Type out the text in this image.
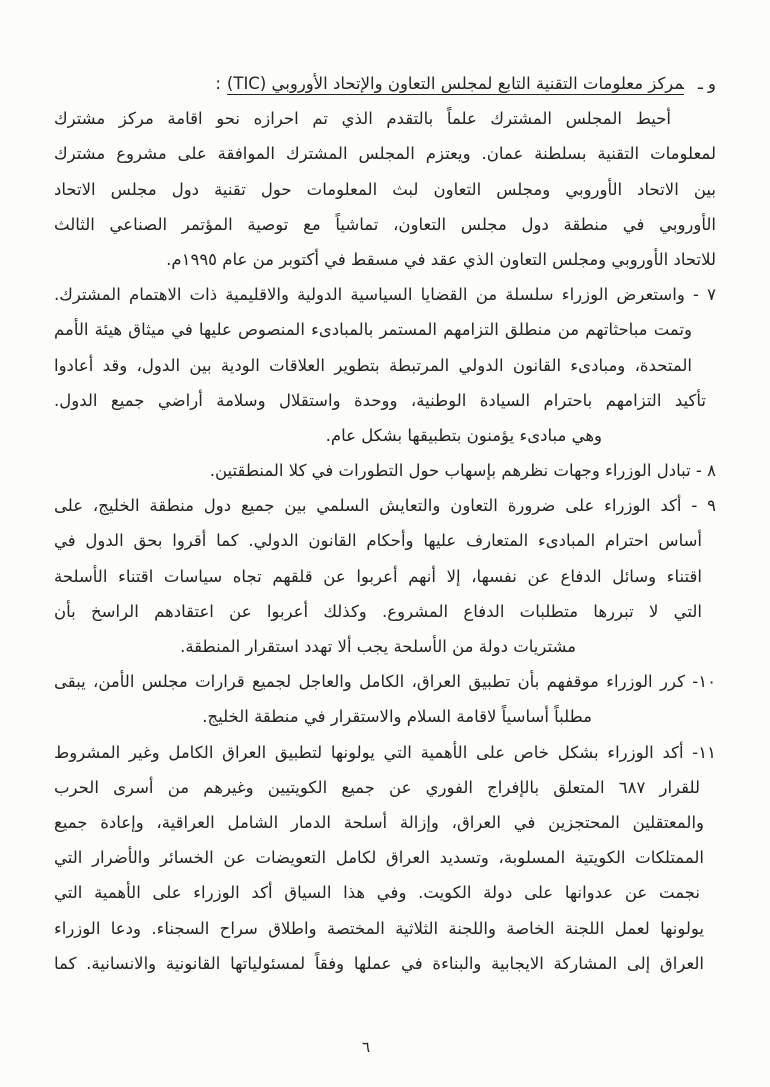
و ـمركز معلومات التقنية التابع لمجلس التعاون والإتحاد الأوروبي (TIC):
أحيط المجلس المشترك علماً بالتقدم الذي تم احرازه نحو اقامة مركز مشترك
لمعلومات التقنية بسلطنة عمان. ويعتزم المجلس المشترك الموافقة على مشروع مشترك
بين الاتحاد الأوروبي ومجلس التعاون لبث المعلومات حول تقنية دول مجلس الاتحاد
الأوروبي في منطقة دول مجلس التعاون، تماشياً مع توصية المؤتمر الصناعي الثالث
للاتحاد الأوروبي ومجلس التعاون الذي عقد في مسقط في أكتوبر من عام ١٩٩٥م.
٧ - واستعرض الوزراء سلسلة من القضايا السياسية الدولية والاقليمية ذات الاهتمام المشترك.
وتمت مباحثاتهم من منطلق التزامهم المستمر بالمبادىء المنصوص عليها في ميثاق هيئة الأمم
المتحدة، ومبادىء القانون الدولي المرتبطة بتطوير العلاقات الودية بين الدول، وقد أعادوا
تأكيد التزامهم باحترام السيادة الوطنية، ووحدة واستقلال وسلامة أراضي جميع الدول.
وهي مبادىء يؤمنون بتطبيقها بشكل عام.
٨ - تبادل الوزراء وجهات نظرهم بإسهاب حول التطورات في كلا المنطقتين.
٩ - أكد الوزراء على ضرورة التعاون والتعايش السلمي بين جميع دول منطقة الخليج، على
أساس احترام المبادىء المتعارف عليها وأحكام القانون الدولي. كما أقروا بحق الدول في
اقتناء وسائل الدفاع عن نفسها، إلا أنهم أعربوا عن قلقهم تجاه سياسات اقتناء الأسلحة
التي لا تبررها متطلبات الدفاع المشروع. وكذلك أعربوا عن اعتقادهم الراسخ بأن
مشتريات دولة من الأسلحة يجب ألا تهدد استقرار المنطقة.
١٠- كرر الوزراء موقفهم بأن تطبيق العراق، الكامل والعاجل لجميع قرارات مجلس الأمن، يبقى
مطلباً أساسياً لاقامة السلام والاستقرار في منطقة الخليج.
١١- أكد الوزراء بشكل خاص على الأهمية التي يولونها لتطبيق العراق الكامل وغير المشروط
للقرار ٦٨٧ المتعلق بالإفراج الفوري عن جميع الكويتيين وغيرهم من أسرى الحرب
والمعتقلين المحتجزين في العراق، وإزالة أسلحة الدمار الشامل العراقية، وإعادة جميع
الممتلكات الكويتية المسلوبة، وتسديد العراق لكامل التعويضات عن الخسائر والأضرار التي
نجمت عن عدوانها على دولة الكويت. وفي هذا السياق أكد الوزراء على الأهمية التي
يولونها لعمل اللجنة الخاصة واللجنة الثلاثية المختصة واطلاق سراح السجناء. ودعا الوزراء
العراق إلى المشاركة الايجابية والبناءة في عملها وفقاً لمسئولياتها القانونية والانسانية. كما
٦
